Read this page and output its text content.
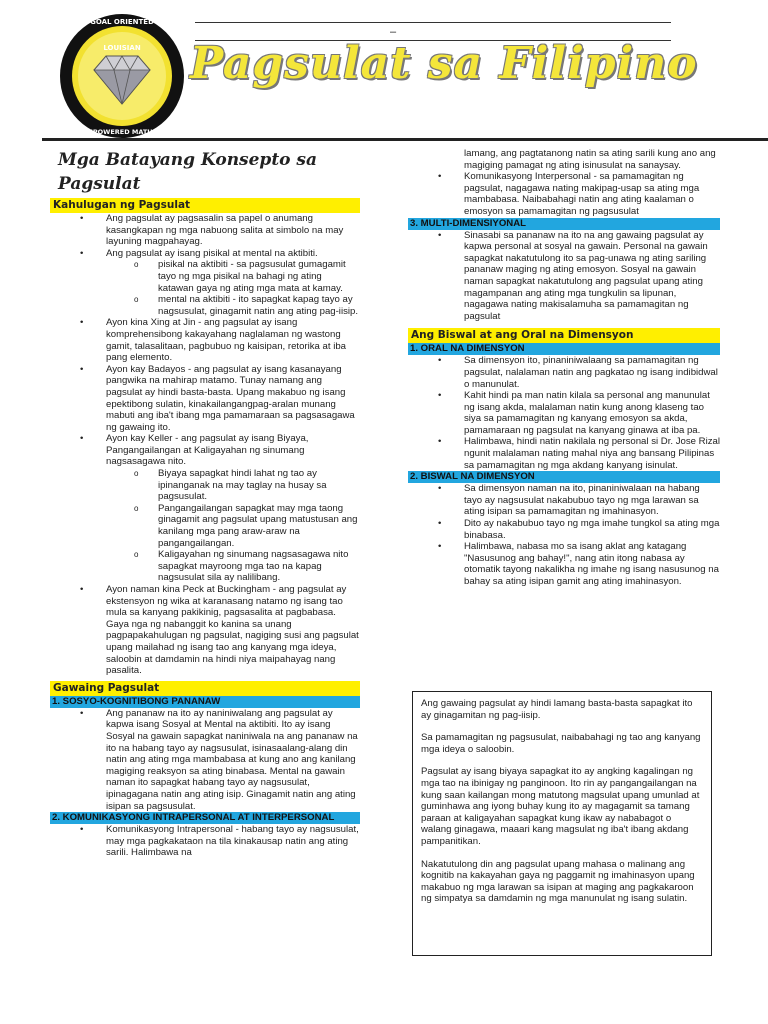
–
LOUISIAN
GOAL ORIENTED
EMPOWERED MATURE
Pagsulat sa Filipino
Mga Batayang Konsepto sa Pagsulat
Kahulugan ng Pagsulat
• Ang pagsulat ay pagsasalin sa papel o anumang kasangkapan ng mga nabuong salita at simbolo na may layuning magpahayag.
• Ang pagsulat ay isang pisikal at mental na aktibiti.
o pisikal na aktibiti - sa pagsusulat gumagamit tayo ng mga pisikal na bahagi ng ating katawan gaya ng ating mga mata at kamay.
o mental na aktibiti - ito sapagkat kapag tayo ay nagsusulat, ginagamit natin ang ating pag-iisip.
• Ayon kina Xing at Jin - ang pagsulat ay isang komprehensibong kakayahang naglalaman ng wastong gamit, talasalitaan, pagbubuo ng kaisipan, retorika at iba pang elemento.
• Ayon kay Badayos - ang pagsulat ay isang kasanayang pangwika na mahirap matamo. Tunay namang ang pagsulat ay hindi basta-basta. Upang makabuo ng isang epektibong sulatin, kinakailangangpag-aralan munang mabuti ang iba't ibang mga pamamaraan sa pagsasagawa ng gawaing ito.
• Ayon kay Keller - ang pagsulat ay isang Biyaya, Pangangailangan at Kaligayahan ng sinumang nagsasagawa nito.
o Biyaya sapagkat hindi lahat ng tao ay ipinanganak na may taglay na husay sa pagsusulat.
o Pangangailangan sapagkat may mga taong ginagamit ang pagsulat upang matustusan ang kanilang mga pang araw-araw na pangangailangan.
o Kaligayahan ng sinumang nagsasagawa nito sapagkat mayroong mga tao na kapag nagsusulat sila ay nalilibang.
• Ayon naman kina Peck at Buckingham - ang pagsulat ay ekstensyon ng wika at karanasang natamo ng isang tao mula sa kanyang pakikinig, pagsasalita at pagbabasa. Gaya nga ng nabanggit ko kanina sa unang pagpapakahulugan ng pagsulat, nagiging susi ang pagsulat upang mailahad ng isang tao ang kanyang mga ideya, saloobin at damdamin na hindi niya maipahayag nang pasalita.
Gawaing Pagsulat
1. SOSYO-KOGNITIBONG PANANAW
• Ang pananaw na ito ay naniniwalang ang pagsulat ay kapwa isang Sosyal at Mental na aktibiti. Ito ay isang Sosyal na gawain sapagkat naniniwala na ang pananaw na ito na habang tayo ay nagsusulat, isinasaalang-alang din natin ang ating mga mambabasa at kung ano ang kanilang magiging reaksyon sa ating binabasa. Mental na gawain naman ito sapagkat habang tayo ay nagsusulat, ipinagagana natin ang ating isip. Ginagamit natin ang ating isipan sa pagsusulat.
2. KOMUNIKASYONG INTRAPERSONAL AT INTERPERSONAL
• Komunikasyong Intrapersonal - habang tayo ay nagsusulat, may mga pagkakataon na tila kinakausap natin ang ating sarili. Halimbawa na
lamang, ang pagtatanong natin sa ating sarili kung ano ang magiging pamagat ng ating isinusulat na sanaysay.
• Komunikasyong Interpersonal - sa pamamagitan ng pagsulat, nagagawa nating makipag-usap sa ating mga mambabasa. Naibabahagi natin ang ating kaalaman o emosyon sa pamamagitan ng pagsusulat
3. MULTI-DIMENSIYONAL
• Sinasabi sa pananaw na ito na ang gawaing pagsulat ay kapwa personal at sosyal na gawain. Personal na gawain sapagkat nakatutulong ito sa pag-unawa ng ating sariling pananaw maging ng ating emosyon. Sosyal na gawain naman sapagkat nakatutulong ang pagsulat upang ating magampanan ang ating mga tungkulin sa lipunan, nagagawa nating makisalamuha sa pamamagitan ng pagsulat
Ang Biswal at ang Oral na Dimensyon
1. ORAL NA DIMENSYON
• Sa dimensyon ito, pinaniniwalaang sa pamamagitan ng pagsulat, nalalaman natin ang pagkatao ng isang indibidwal o manunulat.
• Kahit hindi pa man natin kilala sa personal ang manunulat ng isang akda, malalaman natin kung anong klaseng tao siya sa pamamagitan ng kanyang emosyon sa akda, pamamaraan ng pagsulat na kanyang ginawa at iba pa.
• Halimbawa, hindi natin nakilala ng personal si Dr. Jose Rizal ngunit malalaman nating mahal niya ang bansang Pilipinas sa pamamagitan ng mga akdang kanyang isinulat.
2. BISWAL NA DIMENSYON
• Sa dimensyon naman na ito, pinaniniwalaan na habang tayo ay nagsusulat nakabubuo tayo ng mga larawan sa ating isipan sa pamamagitan ng imahinasyon.
• Dito ay nakabubuo tayo ng mga imahe tungkol sa ating mga binabasa.
• Halimbawa, nabasa mo sa isang aklat ang katagang "Nasusunog ang bahay!", nang atin itong nabasa ay otomatik tayong nakalikha ng imahe ng isang nasusunog na bahay sa ating isipan gamit ang ating imahinasyon.

Ang gawaing pagsulat ay hindi lamang basta-basta sapagkat ito ay ginagamitan ng pag-iisip.

Sa pamamagitan ng pagsusulat, naibabahagi ng tao ang kanyang mga ideya o saloobin.

Pagsulat ay isang biyaya sapagkat ito ay angking kagalingan ng mga tao na ibinigay ng panginoon. Ito rin ay pangangailangan na kung saan kailangan mong matutong magsulat upang umunlad at guminhawa ang iyong buhay kung ito ay magagamit sa tamang paraan at kaligayahan sapagkat kung ikaw ay nababagot o walang ginagawa, maaari kang magsulat ng iba't ibang akdang pampanitikan.

Nakatutulong din ang pagsulat upang mahasa o malinang ang kognitib na kakayahan gaya ng paggamit ng imahinasyon upang makabuo ng mga larawan sa isipan at maging ang pagkakaroon ng simpatya sa damdamin ng mga manunulat ng isang sulatin.
